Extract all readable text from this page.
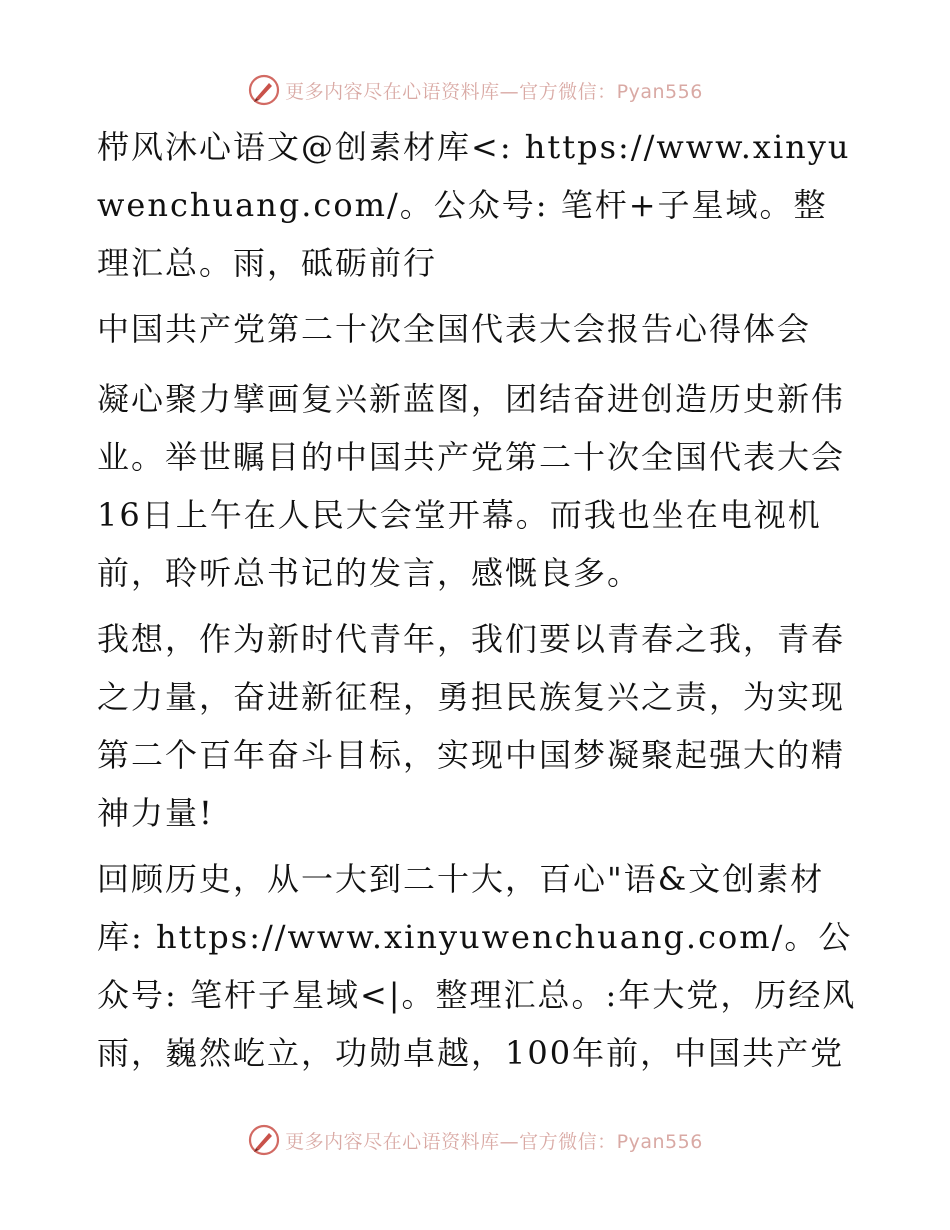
更多内容尽在心语资料库—官方微信：Pyan556

栉风沐心语文@创素材库<: https://www.xinyuwenchuang.com/。公众号: 笔杆+子星域。整理汇总。雨，砥砺前行

中国共产党第二十次全国代表大会报告心得体会

凝心聚力擘画复兴新蓝图，团结奋进创造历史新伟业。举世瞩目的中国共产党第二十次全国代表大会16日上午在人民大会堂开幕。而我也坐在电视机前，聆听总书记的发言，感慨良多。

我想，作为新时代青年，我们要以青春之我，青春之力量，奋进新征程，勇担民族复兴之责，为实现第二个百年奋斗目标，实现中国梦凝聚起强大的精神力量!

回顾历史，从一大到二十大，百心"语&文创素材库: https://www.xinyuwenchuang.com/。公众号: 笔杆子星域<|。整理汇总。:年大党，历经风雨，巍然屹立，功勋卓越，100年前，中国共产党

更多内容尽在心语资料库—官方微信：Pyan556
